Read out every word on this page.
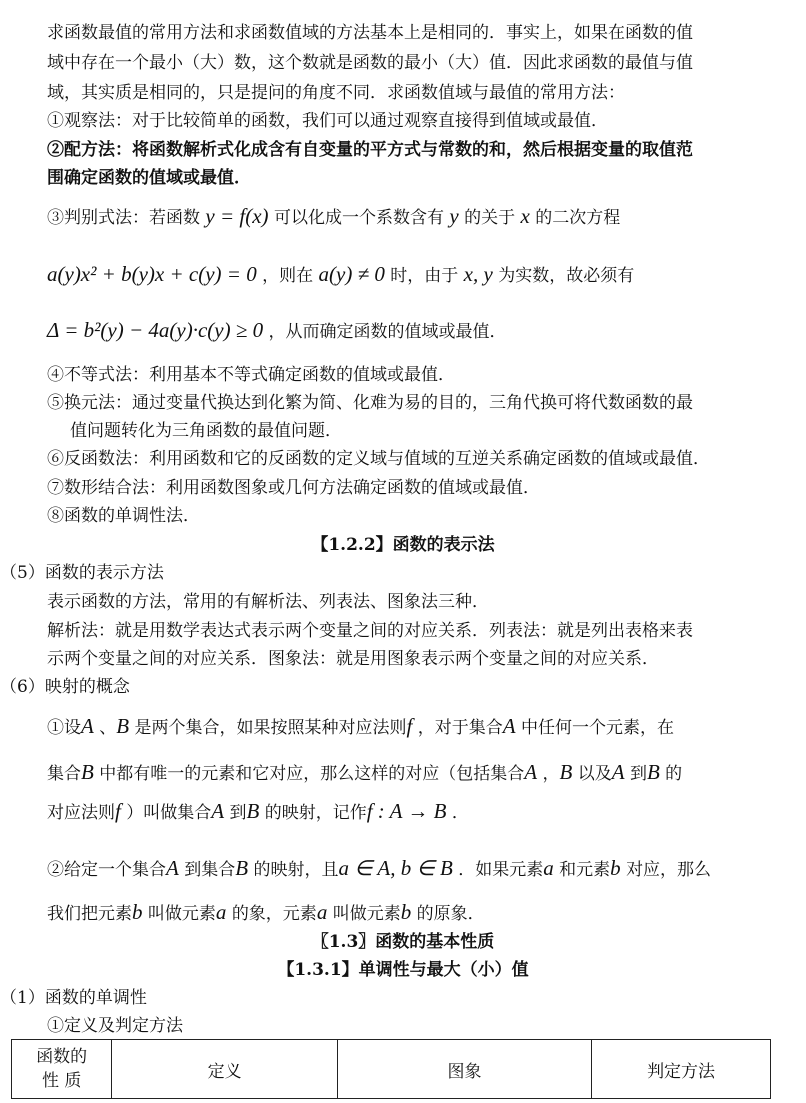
求函数最值的常用方法和求函数值域的方法基本上是相同的．事实上，如果在函数的值
域中存在一个最小（大）数，这个数就是函数的最小（大）值．因此求函数的最值与值
域，其实质是相同的，只是提问的角度不同．求函数值域与最值的常用方法：
①观察法：对于比较简单的函数，我们可以通过观察直接得到值域或最值．
②配方法：将函数解析式化成含有自变量的平方式与常数的和，然后根据变量的取值范
围确定函数的值域或最值．
③判别式法：若函数 y = f(x) 可以化成一个系数含有 y 的关于 x 的二次方程
a(y)x² + b(y)x + c(y) = 0 ，则在 a(y) ≠ 0 时，由于 x, y 为实数，故必须有
Δ = b²(y) − 4a(y)·c(y) ≥ 0 ，从而确定函数的值域或最值．
④不等式法：利用基本不等式确定函数的值域或最值．
⑤换元法：通过变量代换达到化繁为简、化难为易的目的，三角代换可将代数函数的最
值问题转化为三角函数的最值问题．
⑥反函数法：利用函数和它的反函数的定义域与值域的互逆关系确定函数的值域或最值．
⑦数形结合法：利用函数图象或几何方法确定函数的值域或最值．
⑧函数的单调性法．
【1.2.2】函数的表示法
（5）函数的表示方法
表示函数的方法，常用的有解析法、列表法、图象法三种．
解析法：就是用数学表达式表示两个变量之间的对应关系．列表法：就是列出表格来表
示两个变量之间的对应关系．图象法：就是用图象表示两个变量之间的对应关系．
（6）映射的概念
①设A 、B 是两个集合，如果按照某种对应法则f ，对于集合A 中任何一个元素，在
集合B 中都有唯一的元素和它对应，那么这样的对应（包括集合A ，B 以及A 到B 的
对应法则f ）叫做集合A 到B 的映射，记作f : A → B ．
②给定一个集合A 到集合B 的映射，且a ∈ A, b ∈ B ．如果元素a 和元素b 对应，那么
我们把元素b 叫做元素a 的象，元素a 叫做元素b 的原象．
〖1.3〗函数的基本性质
【1.3.1】单调性与最大（小）值
（1）函数的单调性
①定义及判定方法
函数的
性 质	定义	图象	判定方法
